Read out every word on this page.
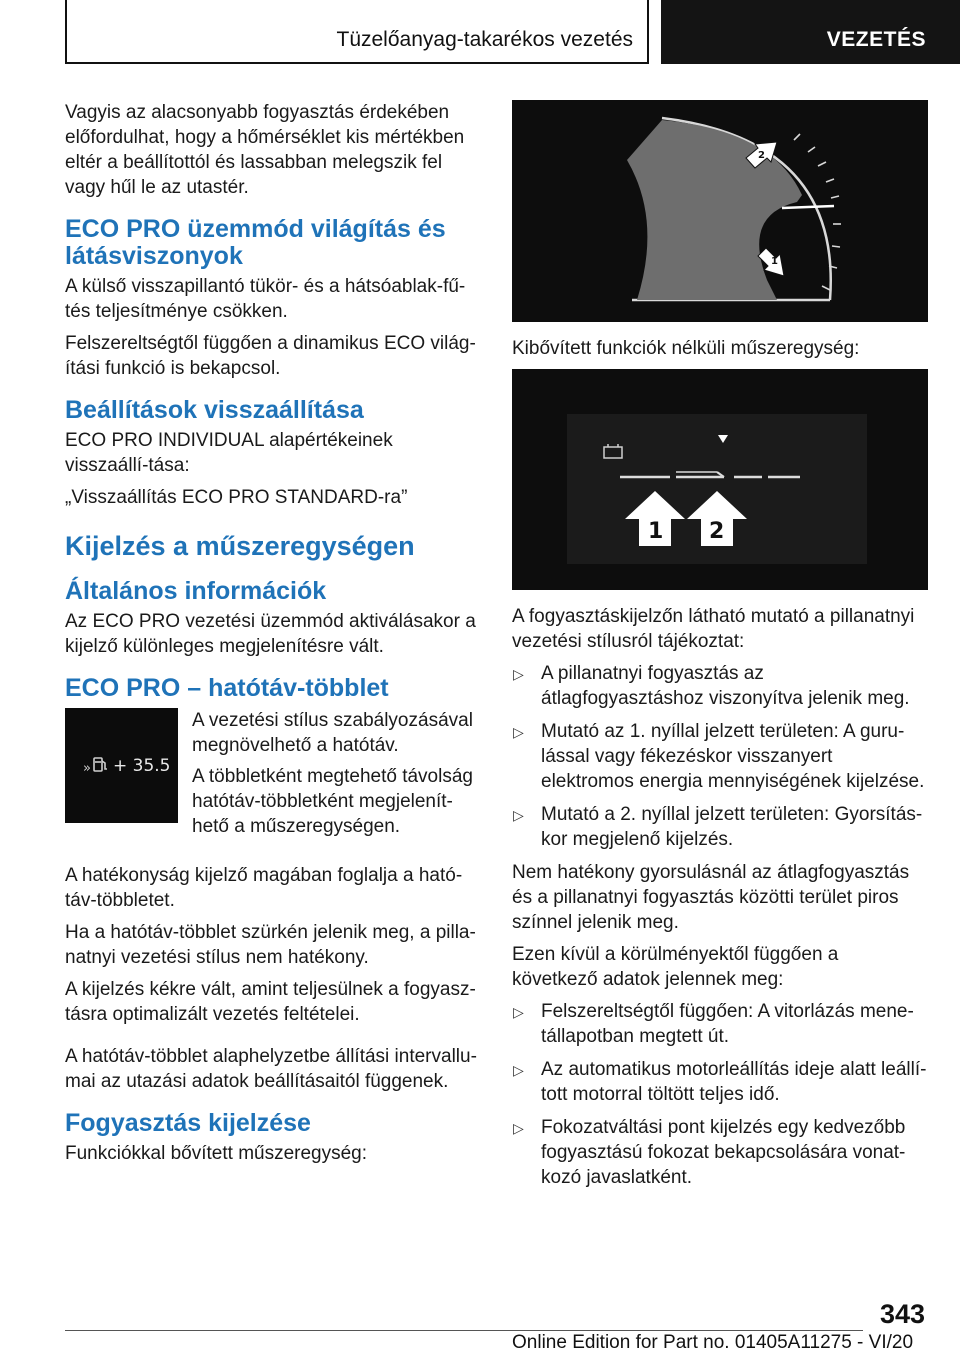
Tüzelőanyag-takarékos vezetés	VEZETÉS

Vagyis az alacsonyabb fogyasztás érdekében előfordulhat, hogy a hőmérséklet kis mértékben eltér a beállítottól és lassabban melegszik fel vagy hűl le az utastér.

ECO PRO üzemmód világítás és látásviszonyok

A külső visszapillantó tükör- és a hátsóablak-fű-tés teljesítménye csökken.

Felszereltségtől függően a dinamikus ECO világ-ítási funkció is bekapcsol.

Beállítások visszaállítása

ECO PRO INDIVIDUAL alapértékeinek visszaállí-tása:

„Visszaállítás ECO PRO STANDARD-ra”

Kijelzés a műszeregységen
Általános információk

Az ECO PRO vezetési üzemmód aktiválásakor a kijelző különleges megjelenítésre vált.

ECO PRO – hatótáv-többlet
» + 35.5

A vezetési stílus szabályozásával megnövelhető a hatótáv.

A többletként megtehető távolság hatótáv-többletként megjelenít-hető a műszeregységen.

A hatékonyság kijelző magában foglalja a ható-táv-többletet.

Ha a hatótáv-többlet szürkén jelenik meg, a pilla-natnyi vezetési stílus nem hatékony.

A kijelzés kékre vált, amint teljesülnek a fogyasz-tásra optimalizált vezetés feltételei.

A hatótáv-többlet alaphelyzetbe állítási intervallu-mai az utazási adatok beállításaitól függenek.

Fogyasztás kijelzése

Funkciókkal bővített műszeregység:

2
1

Kibővített funkciók nélküli műszeregység:

1 2

A fogyasztáskijelzőn látható mutató a pillanatnyi vezetési stílusról tájékoztat:

▷ A pillanatnyi fogyasztás az átlagfogyasztáshoz viszonyítva jelenik meg.
▷ Mutató az 1. nyíllal jelzett területen: A guru-lással vagy fékezéskor visszanyert elektromos energia mennyiségének kijelzése.
▷ Mutató a 2. nyíllal jelzett területen: Gyorsítás-kor megjelenő kijelzés.

Nem hatékony gyorsulásnál az átlagfogyasztás és a pillanatnyi fogyasztás közötti terület piros színnel jelenik meg.

Ezen kívül a körülményektől függően a következő adatok jelennek meg:

▷ Felszereltségtől függően: A vitorlázás mene-tállapotban megtett út.
▷ Az automatikus motorleállítás ideje alatt leállí-tott motorral töltött teljes idő.
▷ Fokozatváltási pont kijelzés egy kedvezőbb fogyasztású fokozat bekapcsolására vonat-kozó javaslatként.
343
Online Edition for Part no. 01405A11275 - VI/20
